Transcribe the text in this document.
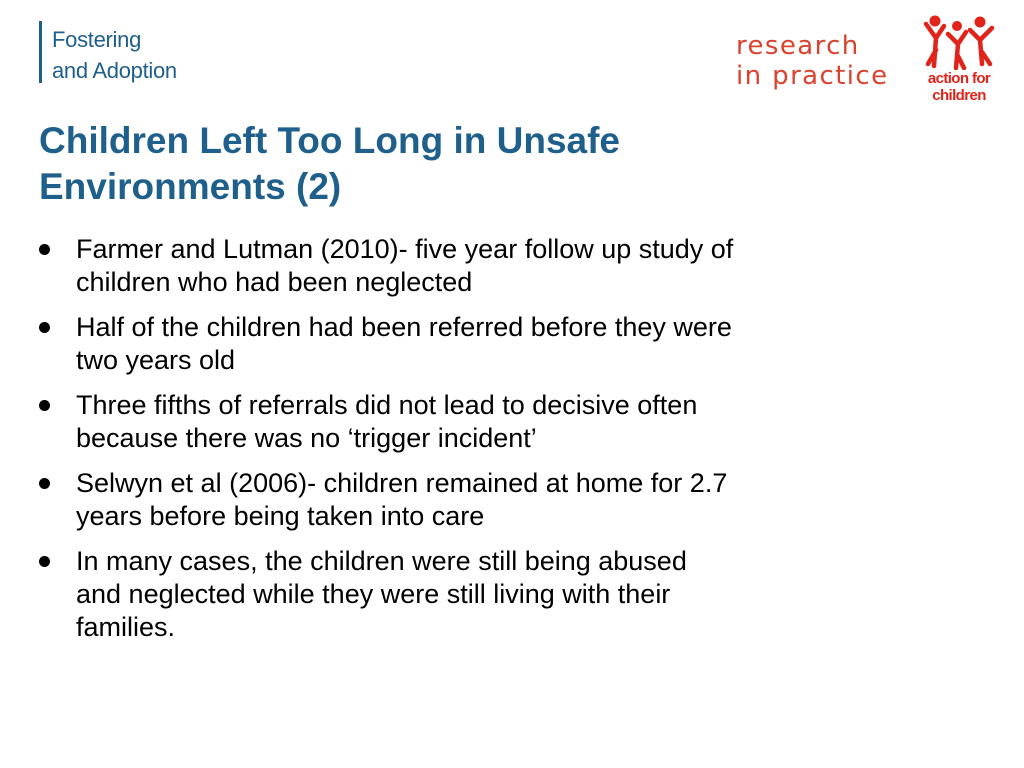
Fostering
and Adoption
research
in practice	action for
children
Children Left Too Long in Unsafe
Environments (2)
Farmer and Lutman (2010)- five year follow up study of
children who had been neglected
Half of the children had been referred before they were
two years old
Three fifths of referrals did not lead to decisive often
because there was no ‘trigger incident’
Selwyn et al (2006)- children remained at home for 2.7
years before being taken into care
In many cases, the children were still being abused
and neglected while they were still living with their
families.
